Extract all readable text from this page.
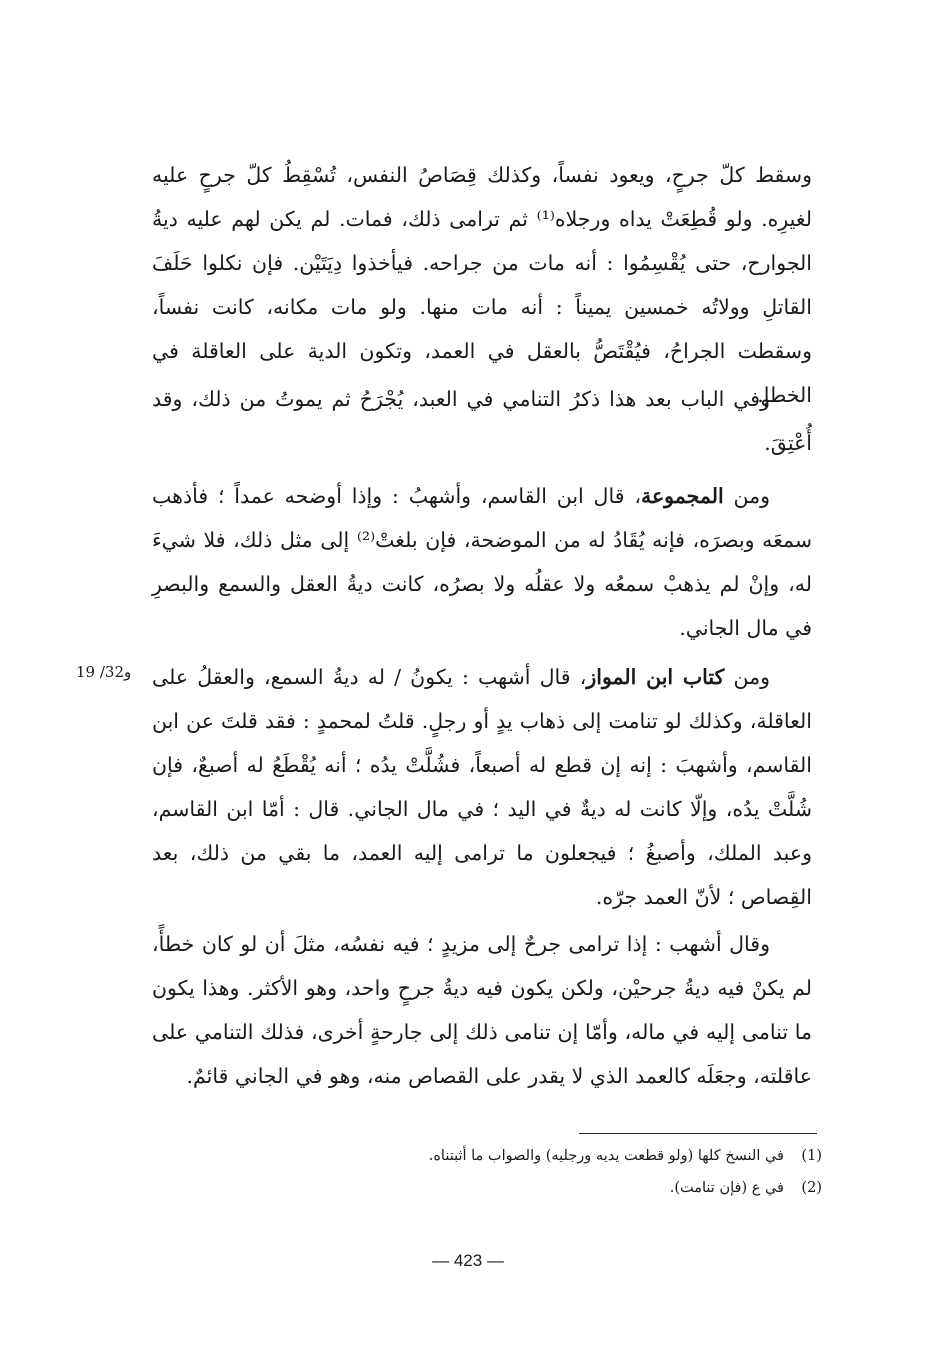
وسقط كلّ جرحٍ، ويعود نفساً، وكذلك قِصَاصُ النفس، تُسْقِطُ كلّ جرحٍ عليه لغيرِه. ولو قُطِعَتْ يداه ورجلاه⁽¹⁾ ثم ترامى ذلك، فمات. لم يكن لهم عليه ديةُ الجوارح، حتى يُقْسِمُوا : أنه مات من جراحه. فيأخذوا دِيَتَيْن. فإن نكلوا حَلَفَ القاتلِ وولاتُه خمسين يميناً : أنه مات منها. ولو مات مكانه، كانت نفساً، وسقطت الجراحُ، فيُقْتَصُّ بالعقل في العمد، وتكون الدية على العاقلة في الخطإ.

وفي الباب بعد هذا ذكرُ التنامي في العبد، يُجْرَحُ ثم يموتُ من ذلك، وقد أُعْتِقَ.

ومن المجموعة، قال ابن القاسم، وأشهبُ : وإذا أوضحه عمداً ؛ فأذهب سمعَه وبصرَه، فإنه يُقَادُ له من الموضحة، فإن بلغتْ⁽²⁾ إلى مثل ذلك، فلا شيءَ له، وإنْ لم يذهبْ سمعُه ولا عقلُه ولا بصرُه، كانت ديةُ العقل والسمع والبصرِ في مال الجاني.

ومن كتاب ابن المواز، قال أشهب : يكونُ / له ديةُ السمع، والعقلُ على العاقلة، وكذلك لو تنامت إلى ذهاب يدٍ أو رجلٍ. قلتُ لمحمدٍ : فقد قلتَ عن ابن القاسم، وأشهبَ : إنه إن قطع له أصبعاً، فشُلَّتْ يدُه ؛ أنه يُقْطَعُ له أصبعٌ، فإن شُلَّتْ يدُه، وإلّا كانت له ديةٌ في اليد ؛ في مال الجاني. قال : أمّا ابن القاسم، وعبد الملك، وأصبغُ ؛ فيجعلون ما ترامى إليه العمد، ما بقي من ذلك، بعد القِصاص ؛ لأنّ العمد جرّه.

19 /32و

وقال أشهب : إذا ترامى جرحٌ إلى مزيدٍ ؛ فيه نفسُه، مثلَ أن لو كان خطأً، لم يكنْ فيه ديةُ جرحيْن، ولكن يكون فيه ديةُ جرحٍ واحد، وهو الأكثر. وهذا يكون ما تنامى إليه في ماله، وأمّا إن تنامى ذلك إلى جارحةٍ أخرى، فذلك التنامي على عاقلته، وجعَلَه كالعمد الذي لا يقدر على القصاص منه، وهو في الجاني قائمٌ.

(1)
في النسخ كلها (ولو قطعت يديه ورجليه) والصواب ما أثبتناه.
(2)
في ع (فإن تنامت).
— 423 —
